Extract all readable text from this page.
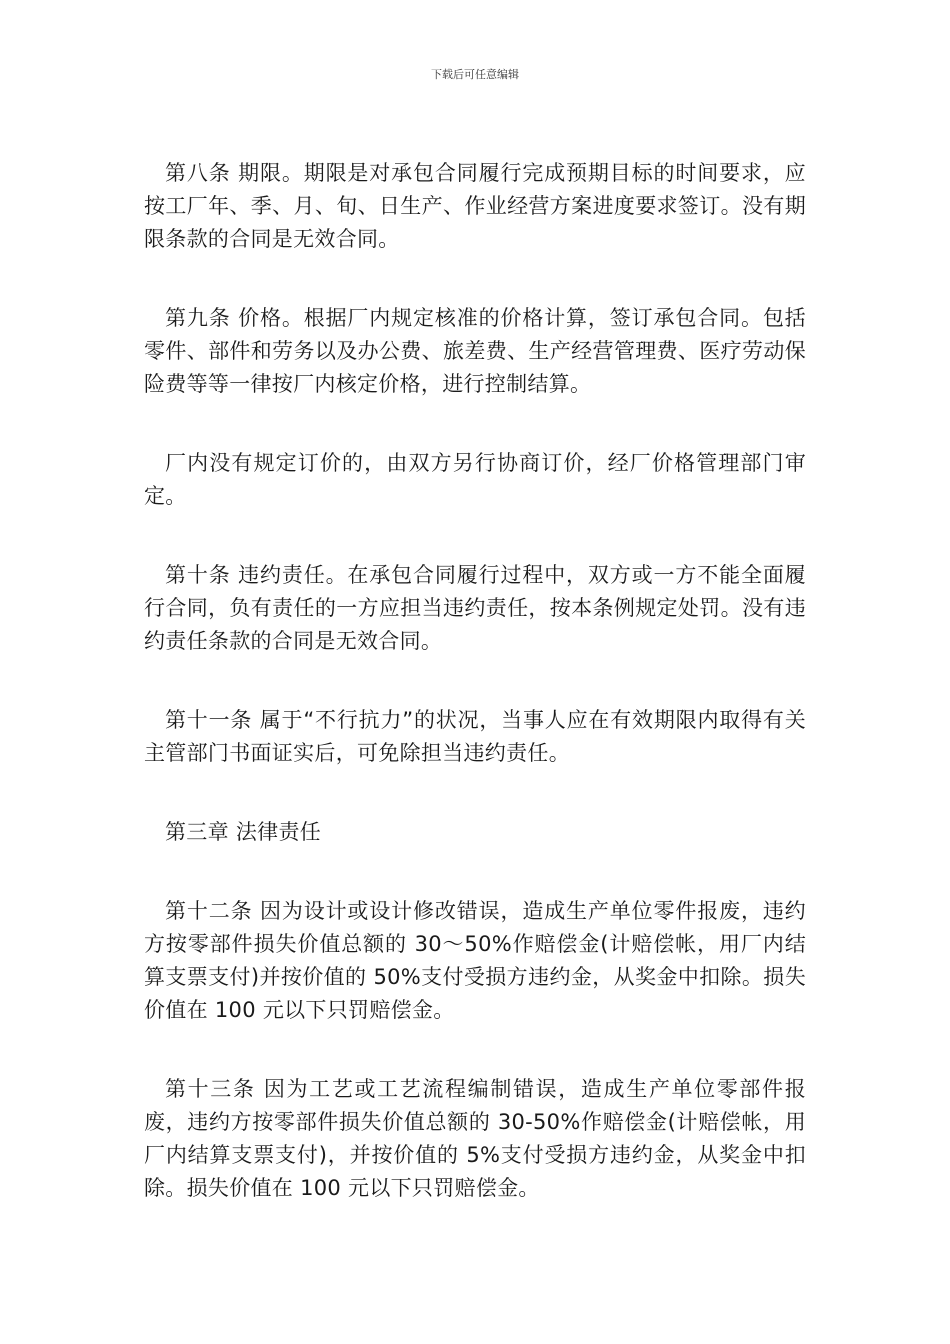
下载后可任意编辑

第八条 期限。期限是对承包合同履行完成预期目标的时间要求，应按工厂年、季、月、旬、日生产、作业经营方案进度要求签订。没有期限条款的合同是无效合同。

第九条 价格。根据厂内规定核准的价格计算，签订承包合同。包括零件、部件和劳务以及办公费、旅差费、生产经营管理费、医疗劳动保险费等等一律按厂内核定价格，进行控制结算。

厂内没有规定订价的，由双方另行协商订价，经厂价格管理部门审定。

第十条 违约责任。在承包合同履行过程中，双方或一方不能全面履行合同，负有责任的一方应担当违约责任，按本条例规定处罚。没有违约责任条款的合同是无效合同。

第十一条 属于“不行抗力”的状况，当事人应在有效期限内取得有关主管部门书面证实后，可免除担当违约责任。

第三章 法律责任

第十二条 因为设计或设计修改错误，造成生产单位零件报废，违约方按零部件损失价值总额的 30～50%作赔偿金(计赔偿帐，用厂内结算支票支付)并按价值的 50%支付受损方违约金，从奖金中扣除。损失价值在 100 元以下只罚赔偿金。

第十三条 因为工艺或工艺流程编制错误，造成生产单位零部件报废，违约方按零部件损失价值总额的 30-50%作赔偿金(计赔偿帐，用厂内结算支票支付)，并按价值的 5%支付受损方违约金，从奖金中扣除。损失价值在 100 元以下只罚赔偿金。
